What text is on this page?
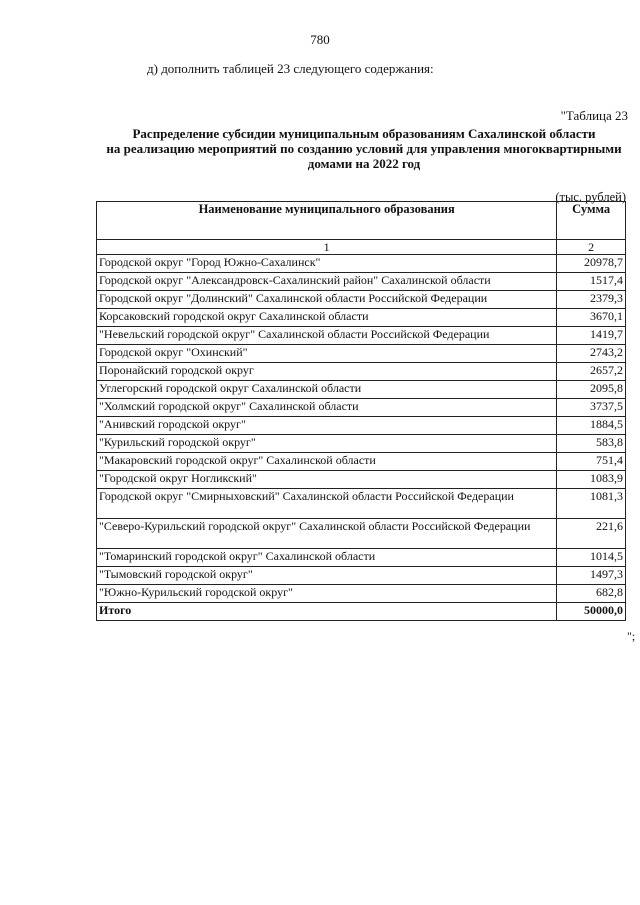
780
д) дополнить таблицей 23 следующего содержания:
"Таблица 23
Распределение субсидии муниципальным образованиям Сахалинской области
на реализацию мероприятий по созданию условий для управления многоквартирными
домами на 2022 год
(тыс. рублей)
Наименование муниципального образования	Сумма
1	2
Городской округ "Город Южно-Сахалинск"	20978,7
Городской округ "Александровск-Сахалинский район" Сахалинской области	1517,4
Городской округ "Долинский" Сахалинской области Российской Федерации	2379,3
Корсаковский городской округ Сахалинской области	3670,1
"Невельский городской округ" Сахалинской области Российской Федерации	1419,7
Городской округ "Охинский"	2743,2
Поронайский городской округ	2657,2
Углегорский городской округ Сахалинской области	2095,8
"Холмский городской округ" Сахалинской области	3737,5
"Анивский городской округ"	1884,5
"Курильский городской округ"	583,8
"Макаровский городской округ" Сахалинской области	751,4
"Городской округ Ногликский"	1083,9
Городской округ "Смирныховский" Сахалинской области Российской Федерации	1081,3
"Северо-Курильский городской округ" Сахалинской области Российской Федерации	221,6
"Томаринский городской округ" Сахалинской области	1014,5
"Тымовский городской округ"	1497,3
"Южно-Курильский городской округ"	682,8
Итого	50000,0
";
